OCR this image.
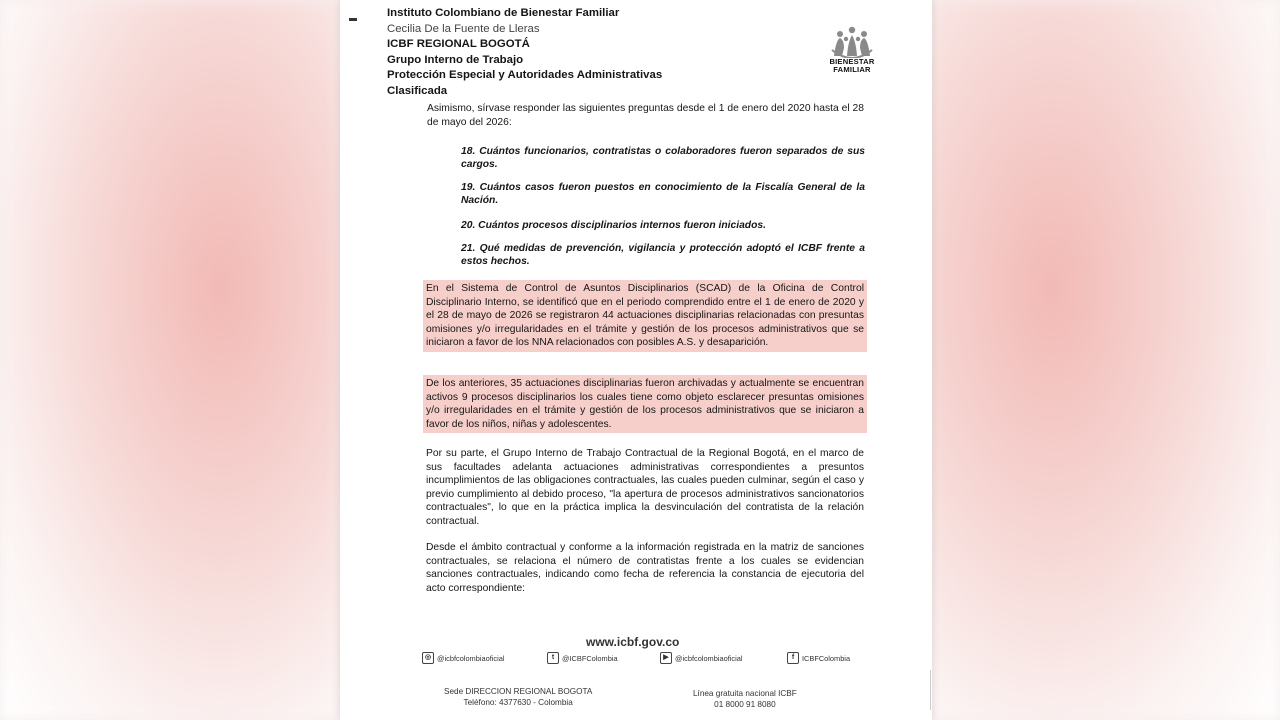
Instituto Colombiano de Bienestar Familiar
Cecilia De la Fuente de Lleras
ICBF REGIONAL BOGOTÁ
Grupo Interno de Trabajo
Protección Especial y Autoridades Administrativas
Clasificada
BIENESTAR
FAMILIAR

Asimismo, sírvase responder las siguientes preguntas desde el 1 de enero del 2020 hasta el 28 de mayo del 2026:

18. Cuántos funcionarios, contratistas o colaboradores fueron separados de sus cargos.

19. Cuántos casos fueron puestos en conocimiento de la Fiscalía General de la Nación.

20. Cuántos procesos disciplinarios internos fueron iniciados.

21. Qué medidas de prevención, vigilancia y protección adoptó el ICBF frente a estos hechos.

En el Sistema de Control de Asuntos Disciplinarios (SCAD) de la Oficina de Control Disciplinario Interno, se identificó que en el periodo comprendido entre el 1 de enero de 2020 y el 28 de mayo de 2026 se registraron 44 actuaciones disciplinarias relacionadas con presuntas omisiones y/o irregularidades en el trámite y gestión de los procesos administrativos que se iniciaron a favor de los NNA relacionados con posibles A.S. y desaparición.

De los anteriores, 35 actuaciones disciplinarias fueron archivadas y actualmente se encuentran activos 9 procesos disciplinarios los cuales tiene como objeto esclarecer presuntas omisiones y/o irregularidades en el trámite y gestión de los procesos administrativos que se iniciaron a favor de los niños, niñas y adolescentes.

Por su parte, el Grupo Interno de Trabajo Contractual de la Regional Bogotá, en el marco de sus facultades adelanta actuaciones administrativas correspondientes a presuntos incumplimientos de las obligaciones contractuales, las cuales pueden culminar, según el caso y previo cumplimiento al debido proceso, "la apertura de procesos administrativos sancionatorios contractuales", lo que en la práctica implica la desvinculación del contratista de la relación contractual.

Desde el ámbito contractual y conforme a la información registrada en la matriz de sanciones contractuales, se relaciona el número de contratistas frente a los cuales se evidencian sanciones contractuales, indicando como fecha de referencia la constancia de ejecutoria del acto correspondiente:

www.icbf.gov.co
◎ @icbfcolombiaoficial	t	@ICBFColombia	▶ @icbfcolombiaoficial	f	ICBFColombia
Sede DIRECCION REGIONAL BOGOTA
Teléfono: 4377630 - Colombia
Línea gratuita nacional ICBF
01 8000 91 8080
